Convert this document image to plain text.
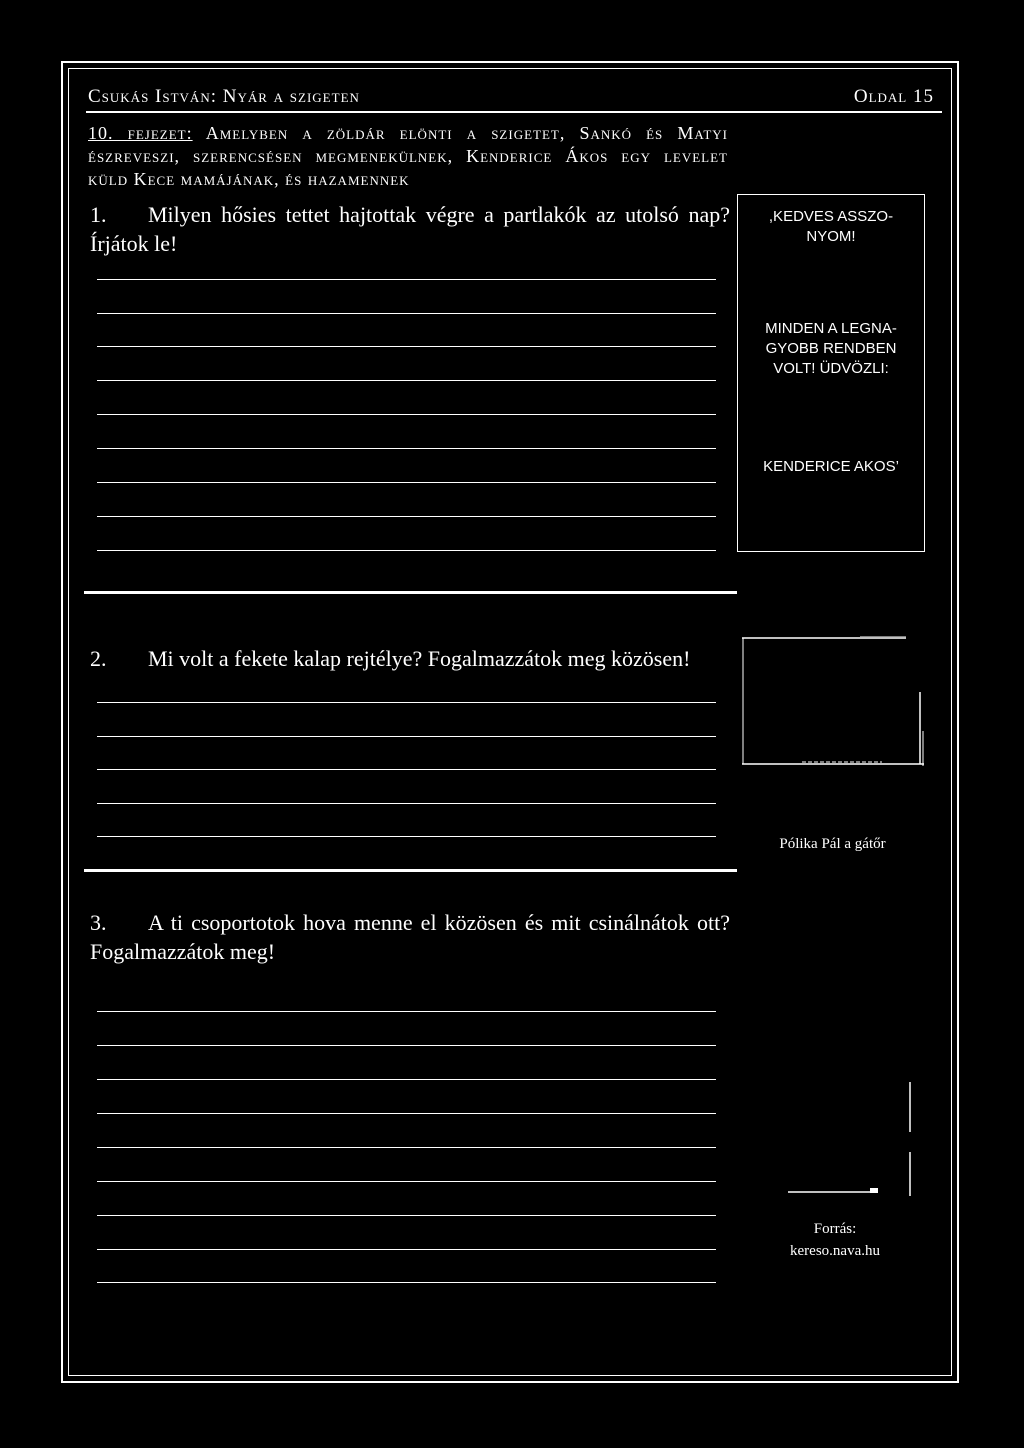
Csukás István: Nyár a szigeten	Oldal 15
10. fejezet: Amelyben a zöldár elönti a szigetet, Sankó és Matyi észreveszi, szerencsésen megmenekülnek, Kenderice Ákos egy levelet küld Kece mamájának, és hazamennek
1. Milyen hősies tettet hajtottak végre a partlakók az utolsó nap? Írjátok le!
,KEDVES ASSZO-
NYOM!
MINDEN A LEGNA-
GYOBB RENDBEN
VOLT! ÜDVÖZLI:
KENDERICE AKOS’
2. Mi volt a fekete kalap rejtélye? Fogalmazzátok meg közösen!
Pólika Pál a gátőr
3. A ti csoportotok hova menne el közösen és mit csinálnátok ott? Fogalmazzátok meg!
Forrás:
kereso.nava.hu
